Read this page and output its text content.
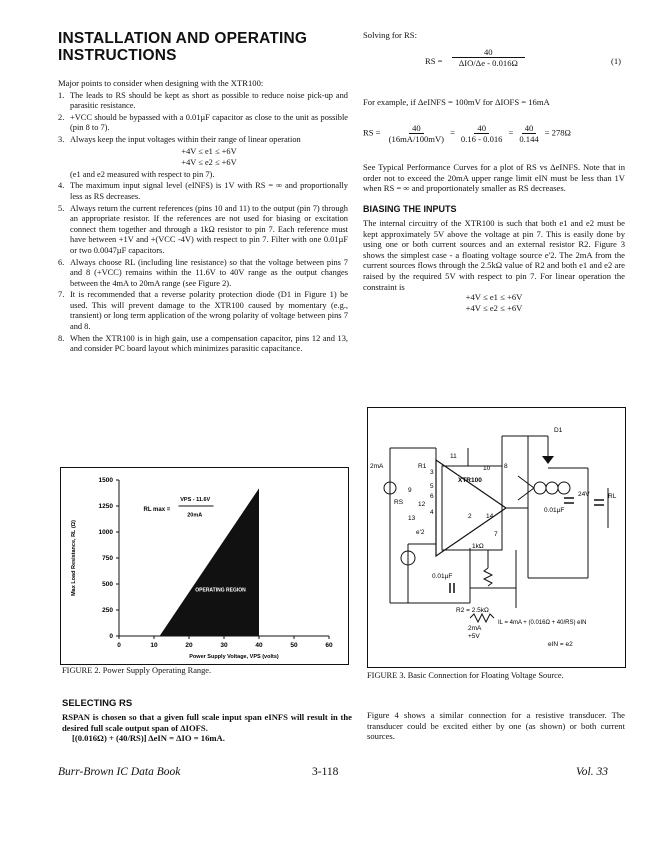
INSTALLATION AND OPERATING INSTRUCTIONS
Major points to consider when designing with the XTR100:
1. The leads to RS should be kept as short as possible to reduce noise pick-up and parasitic resistance.
2. +VCC should be bypassed with a 0.01µF capacitor as close to the unit as possible (pin 8 to 7).
3. Always keep the input voltages within their range of linear operation
+4V ≤ e1 ≤ +6V
+4V ≤ e2 ≤ +6V
(e1 and e2 measured with respect to pin 7).
4. The maximum input signal level (eINFS) is 1V with RS = ∞ and proportionally less as RS decreases.
5. Always return the current references (pins 10 and 11) to the output (pin 7) through an appropriate resistor. If the references are not used for biasing or excitation connect them together and through a 1kΩ resistor to pin 7. Each reference must have between +1V and +(VCC -4V) with respect to pin 7. Filter with one 0.01µF or two 0.0047µF capacitors.
6. Always choose RL (including line resistance) so that the voltage between pins 7 and 8 (+VCC) remains within the 11.6V to 40V range as the output changes between the 4mA to 20mA range (see Figure 2).
7. It is recommended that a reverse polarity protection diode (D1 in Figure 1) be used. This will prevent damage to the XTR100 caused by momentary (e.g., transient) or long term application of the wrong polarity of voltage between pins 7 and 8.
8. When the XTR100 is in high gain, use a compensation capacitor, pins 12 and 13, and consider PC board layout which minimizes parasitic capacitance.
0	10	20	30	40	50	60
0
250
500
750
1000
1250
1500
Power Supply Voltage, VPS (volts)
Max Load Resistance, RL (Ω)	OPERATING REGION
RL max =
VPS - 11.6V
20mA
FIGURE 2. Power Supply Operating Range.
SELECTING RS
RSPAN is chosen so that a given full scale input span eINFS will result in the desired full scale output span of ΔIOFS.
[(0.016Ω) + (40/RS)] ΔeIN = ΔIO = 16mA.
Solving for RS:
RS =
40
ΔIO/Δe - 0.016Ω	(1)
For example, if ΔeINFS = 100mV for ΔIOFS = 16mA
RS = $\frac{40}{(16mA/100mV)} = \frac{40}{0.16 - 0.016} = \frac{40}{0.144} = 278\Omega$
See Typical Performance Curves for a plot of RS vs ΔeINFS. Note that in order not to exceed the 20mA upper range limit eIN must be less than 1V when RS = ∞ and proportionately smaller as RS decreases.
BIASING THE INPUTS
The internal circuitry of the XTR100 is such that both e1 and e2 must be kept approximately 5V above the voltage at pin 7. This is easily done by using one or both current sources and an external resistor R2. Figure 3 shows the simplest case - a floating voltage source e'2. The 2mA from the current sources flows through the 2.5kΩ value of R2 and both e1 and e2 are raised by the required 5V with respect to pin 7. For linear operation the constraint is
+4V ≤ e1 ≤ +6V
+4V ≤ e2 ≤ +6V
XTR100
3
11
10 8
5
6
12
4
2 14
7
9
13
D1
R1
2mA
RS
e'2
1kΩ
0.01µF
R2 = 2.5kΩ
2mA
+5V
0.01µF
24V	RL
IL = 4mA + (0.016Ω + 40/RS) eIN
eIN = e2
FIGURE 3. Basic Connection for Floating Voltage Source.
Figure 4 shows a similar connection for a resistive transducer. The transducer could be excited either by one (as shown) or both current sources.
Burr-Brown IC Data Book	3-118	Vol. 33
